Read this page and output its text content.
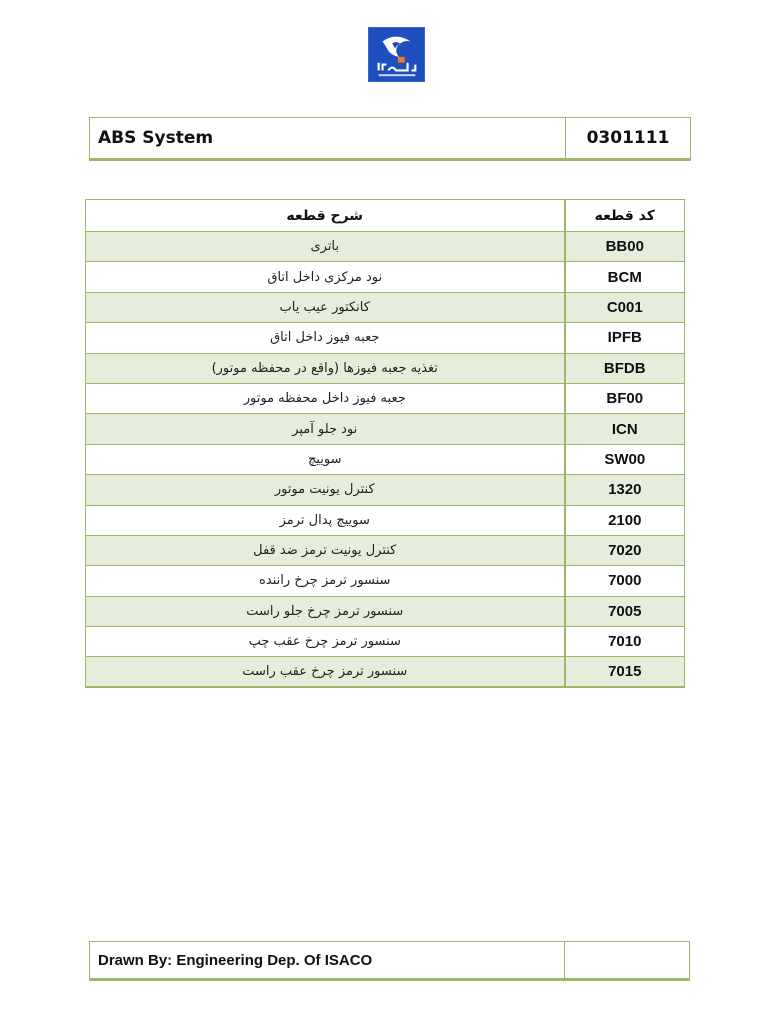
ABS System	0301111
شرح قطعه	کد قطعه
باتری	BB00
نود مرکزی داخل اتاق	BCM
کانکتور عیب یاب	C001
جعبه فیوز داخل اتاق	IPFB
تغذیه جعبه فیوزها (واقع در محفظه موتور)	BFDB
جعبه فیوز داخل محفظه موتور	BF00
نود جلو آمپر	ICN
سوییچ	SW00
کنترل یونیت موتور	1320
سوییچ پدال ترمز	2100
کنترل یونیت ترمز ضد قفل	7020
سنسور ترمز چرخ راننده	7000
سنسور ترمز چرخ جلو راست	7005
سنسور ترمز چرخ عقب چپ	7010
سنسور ترمز چرخ عقب راست	7015
Drawn By: Engineering Dep. Of ISACO
